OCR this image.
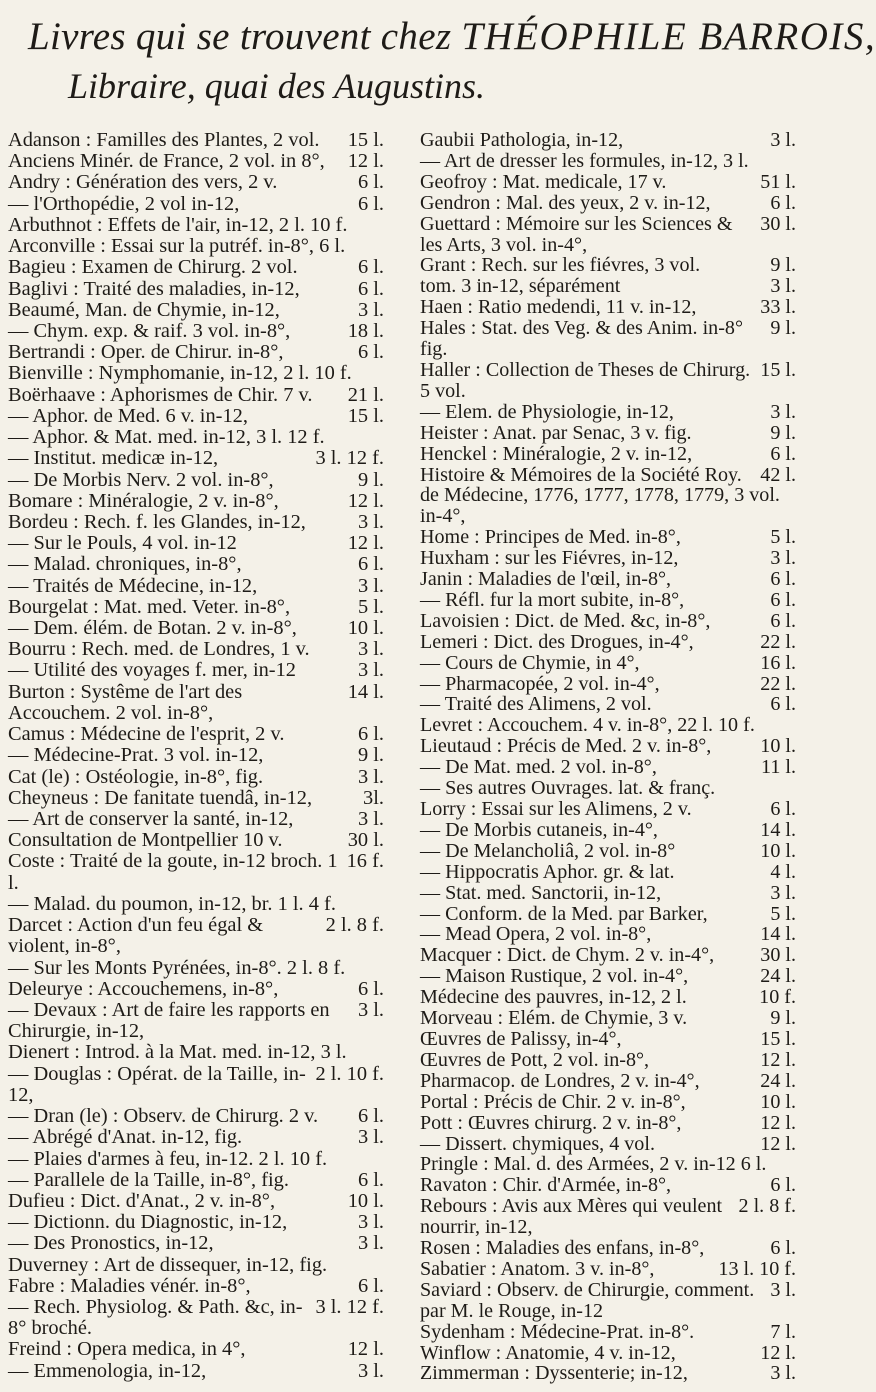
Livres qui se trouvent chez THÉOPHILE BARROIS,
Libraire, quai des Augustins.
15 l.
Adanson : Familles des Plantes, 2 vol.
12 l.
Anciens Minér. de France, 2 vol. in 8°,
6 l.
Andry : Génération des vers, 2 v.
6 l.
— l'Orthopédie, 2 vol in-12,
Arbuthnot : Effets de l'air, in-12, 2 l. 10 f.
Arconville : Essai sur la putréf. in-8°, 6 l.
6 l.
Bagieu : Examen de Chirurg. 2 vol.
6 l.
Baglivi : Traité des maladies, in-12,
3 l.
Beaumé, Man. de Chymie, in-12,
18 l.
— Chym. exp. & raif. 3 vol. in-8°,
6 l.
Bertrandi : Oper. de Chirur. in-8°,
Bienville : Nymphomanie, in-12, 2 l. 10 f.
21 l.
Boërhaave : Aphorismes de Chir. 7 v.
15 l.
— Aphor. de Med. 6 v. in-12,
— Aphor. & Mat. med. in-12, 3 l. 12 f.
3 l. 12 f.
— Institut. medicæ in-12,
9 l.
— De Morbis Nerv. 2 vol. in-8°,
12 l.
Bomare : Minéralogie, 2 v. in-8°,
3 l.
Bordeu : Rech. f. les Glandes, in-12,
12 l.
— Sur le Pouls, 4 vol. in-12
6 l.
— Malad. chroniques, in-8°,
3 l.
— Traités de Médecine, in-12,
5 l.
Bourgelat : Mat. med. Veter. in-8°,
10 l.
— Dem. élém. de Botan. 2 v. in-8°,
3 l.
Bourru : Rech. med. de Londres, 1 v.
3 l.
— Utilité des voyages f. mer, in-12
14 l.
Burton : Systême de l'art des Accouchem. 2 vol. in-8°,
6 l.
Camus : Médecine de l'esprit, 2 v.
9 l.
— Médecine-Prat. 3 vol. in-12,
3 l.
Cat (le) : Ostéologie, in-8°, fig.
3l.
Cheyneus : De fanitate tuendâ, in-12,
3 l.
— Art de conserver la santé, in-12,
30 l.
Consultation de Montpellier 10 v.
16 f.
Coste : Traité de la goute, in-12 broch. 1 l.
— Malad. du poumon, in-12, br. 1 l. 4 f.
2 l. 8 f.
Darcet : Action d'un feu égal & violent, in-8°,
— Sur les Monts Pyrénées, in-8°. 2 l. 8 f.
6 l.
Deleurye : Accouchemens, in-8°,
3 l.
— Devaux : Art de faire les rapports en Chirurgie, in-12,
Dienert : Introd. à la Mat. med. in-12, 3 l.
2 l. 10 f.
— Douglas : Opérat. de la Taille, in-12,
6 l.
— Dran (le) : Observ. de Chirurg. 2 v.
3 l.
— Abrégé d'Anat. in-12, fig.
— Plaies d'armes à feu, in-12. 2 l. 10 f.
6 l.
— Parallele de la Taille, in-8°, fig.
10 l.
Dufieu : Dict. d'Anat., 2 v. in-8°,
3 l.
— Dictionn. du Diagnostic, in-12,
3 l.
— Des Pronostics, in-12,
Duverney : Art de dissequer, in-12, fig.
6 l.
Fabre : Maladies vénér. in-8°,
3 l. 12 f.
— Rech. Physiolog. & Path. &c, in-8° broché.
12 l.
Freind : Opera medica, in 4°,
3 l.
— Emmenologia, in-12,
3 l.
Gaubii Pathologia, in-12,
— Art de dresser les formules, in-12, 3 l.
51 l.
Geofroy : Mat. medicale, 17 v.
6 l.
Gendron : Mal. des yeux, 2 v. in-12,
30 l.
Guettard : Mémoire sur les Sciences & les Arts, 3 vol. in-4°,
9 l.
Grant : Rech. sur les fiévres, 3 vol.
3 l.
tom. 3 in-12, séparément
33 l.
Haen : Ratio medendi, 11 v. in-12,
9 l.
Hales : Stat. des Veg. & des Anim. in-8° fig.
15 l.
Haller : Collection de Theses de Chirurg. 5 vol.
3 l.
— Elem. de Physiologie, in-12,
9 l.
Heister : Anat. par Senac, 3 v. fig.
6 l.
Henckel : Minéralogie, 2 v. in-12,
42 l.
Histoire & Mémoires de la Société Roy. de Médecine, 1776, 1777, 1778, 1779, 3 vol. in-4°,
5 l.
Home : Principes de Med. in-8°,
3 l.
Huxham : sur les Fiévres, in-12,
6 l.
Janin : Maladies de l'œil, in-8°,
6 l.
— Réfl. fur la mort subite, in-8°,
6 l.
Lavoisien : Dict. de Med. &c, in-8°,
22 l.
Lemeri : Dict. des Drogues, in-4°,
16 l.
— Cours de Chymie, in 4°,
22 l.
— Pharmacopée, 2 vol. in-4°,
6 l.
— Traité des Alimens, 2 vol.
Levret : Accouchem. 4 v. in-8°, 22 l. 10 f.
10 l.
Lieutaud : Précis de Med. 2 v. in-8°,
11 l.
— De Mat. med. 2 vol. in-8°,
— Ses autres Ouvrages. lat. & franç.
6 l.
Lorry : Essai sur les Alimens, 2 v.
14 l.
— De Morbis cutaneis, in-4°,
10 l.
— De Melancholiâ, 2 vol. in-8°
4 l.
— Hippocratis Aphor. gr. & lat.
3 l.
— Stat. med. Sanctorii, in-12,
5 l.
— Conform. de la Med. par Barker,
14 l.
— Mead Opera, 2 vol. in-8°,
30 l.
Macquer : Dict. de Chym. 2 v. in-4°,
24 l.
— Maison Rustique, 2 vol. in-4°,
10 f.
Médecine des pauvres, in-12, 2 l.
9 l.
Morveau : Elém. de Chymie, 3 v.
15 l.
Œuvres de Palissy, in-4°,
12 l.
Œuvres de Pott, 2 vol. in-8°,
24 l.
Pharmacop. de Londres, 2 v. in-4°,
10 l.
Portal : Précis de Chir. 2 v. in-8°,
12 l.
Pott : Œuvres chirurg. 2 v. in-8°,
12 l.
— Dissert. chymiques, 4 vol.
Pringle : Mal. d. des Armées, 2 v. in-12 6 l.
6 l.
Ravaton : Chir. d'Armée, in-8°,
2 l. 8 f.
Rebours : Avis aux Mères qui veulent nourrir, in-12,
6 l.
Rosen : Maladies des enfans, in-8°,
13 l. 10 f.
Sabatier : Anatom. 3 v. in-8°,
3 l.
Saviard : Observ. de Chirurgie, comment. par M. le Rouge, in-12
7 l.
Sydenham : Médecine-Prat. in-8°.
12 l.
Winflow : Anatomie, 4 v. in-12,
3 l.
Zimmerman : Dyssenterie; in-12,
